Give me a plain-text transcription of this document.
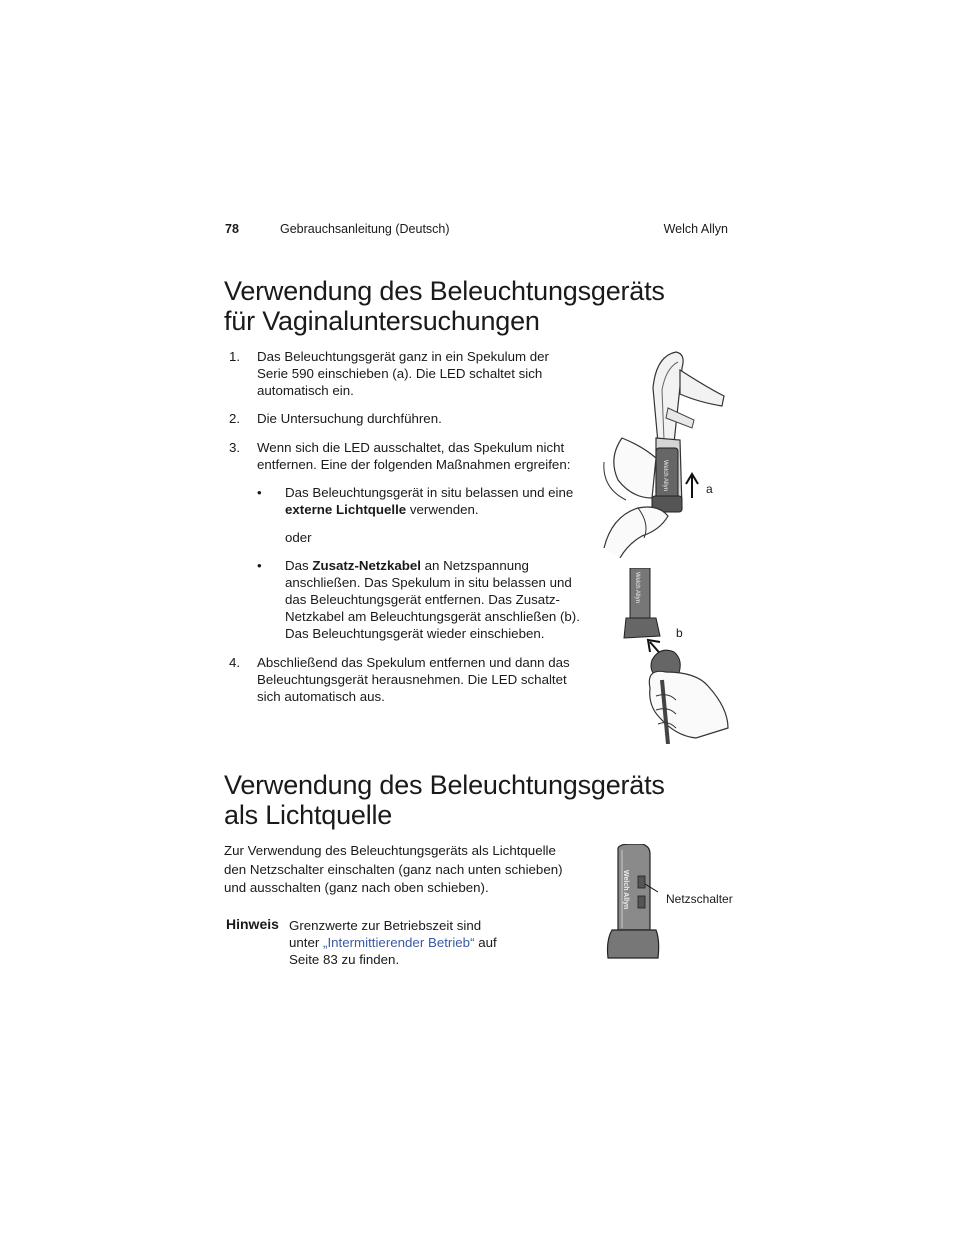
78	Gebrauchsanleitung (Deutsch)	Welch Allyn
Verwendung des Beleuchtungsgeräts
für Vaginaluntersuchungen
1.	Das Beleuchtungsgerät ganz in ein Spekulum der
Serie 590 einschieben (a). Die LED schaltet sich
automatisch ein.
2.	Die Untersuchung durchführen.
3.	Wenn sich die LED ausschaltet, das Spekulum nicht
entfernen. Eine der folgenden Maßnahmen ergreifen:
• Das Beleuchtungsgerät in situ belassen und eine
externe Lichtquelle verwenden.
oder
• Das Zusatz-Netzkabel an Netzspannung
anschließen. Das Spekulum in situ belassen und
das Beleuchtungsgerät entfernen. Das Zusatz-
Netzkabel am Beleuchtungsgerät anschließen (b).
Das Beleuchtungsgerät wieder einschieben.
4.	Abschließend das Spekulum entfernen und dann das
Beleuchtungsgerät herausnehmen. Die LED schaltet
sich automatisch aus.
Welch Allyn	a
Welch Allyn
b
Verwendung des Beleuchtungsgeräts
als Lichtquelle
Zur Verwendung des Beleuchtungsgeräts als Lichtquelle
den Netzschalter einschalten (ganz nach unten schieben)
und ausschalten (ganz nach oben schieben).
Hinweis Grenzwerte zur Betriebszeit sind
unter „Intermittierender Betrieb“ auf
Seite 83 zu finden.
Welch Allyn	Netzschalter
